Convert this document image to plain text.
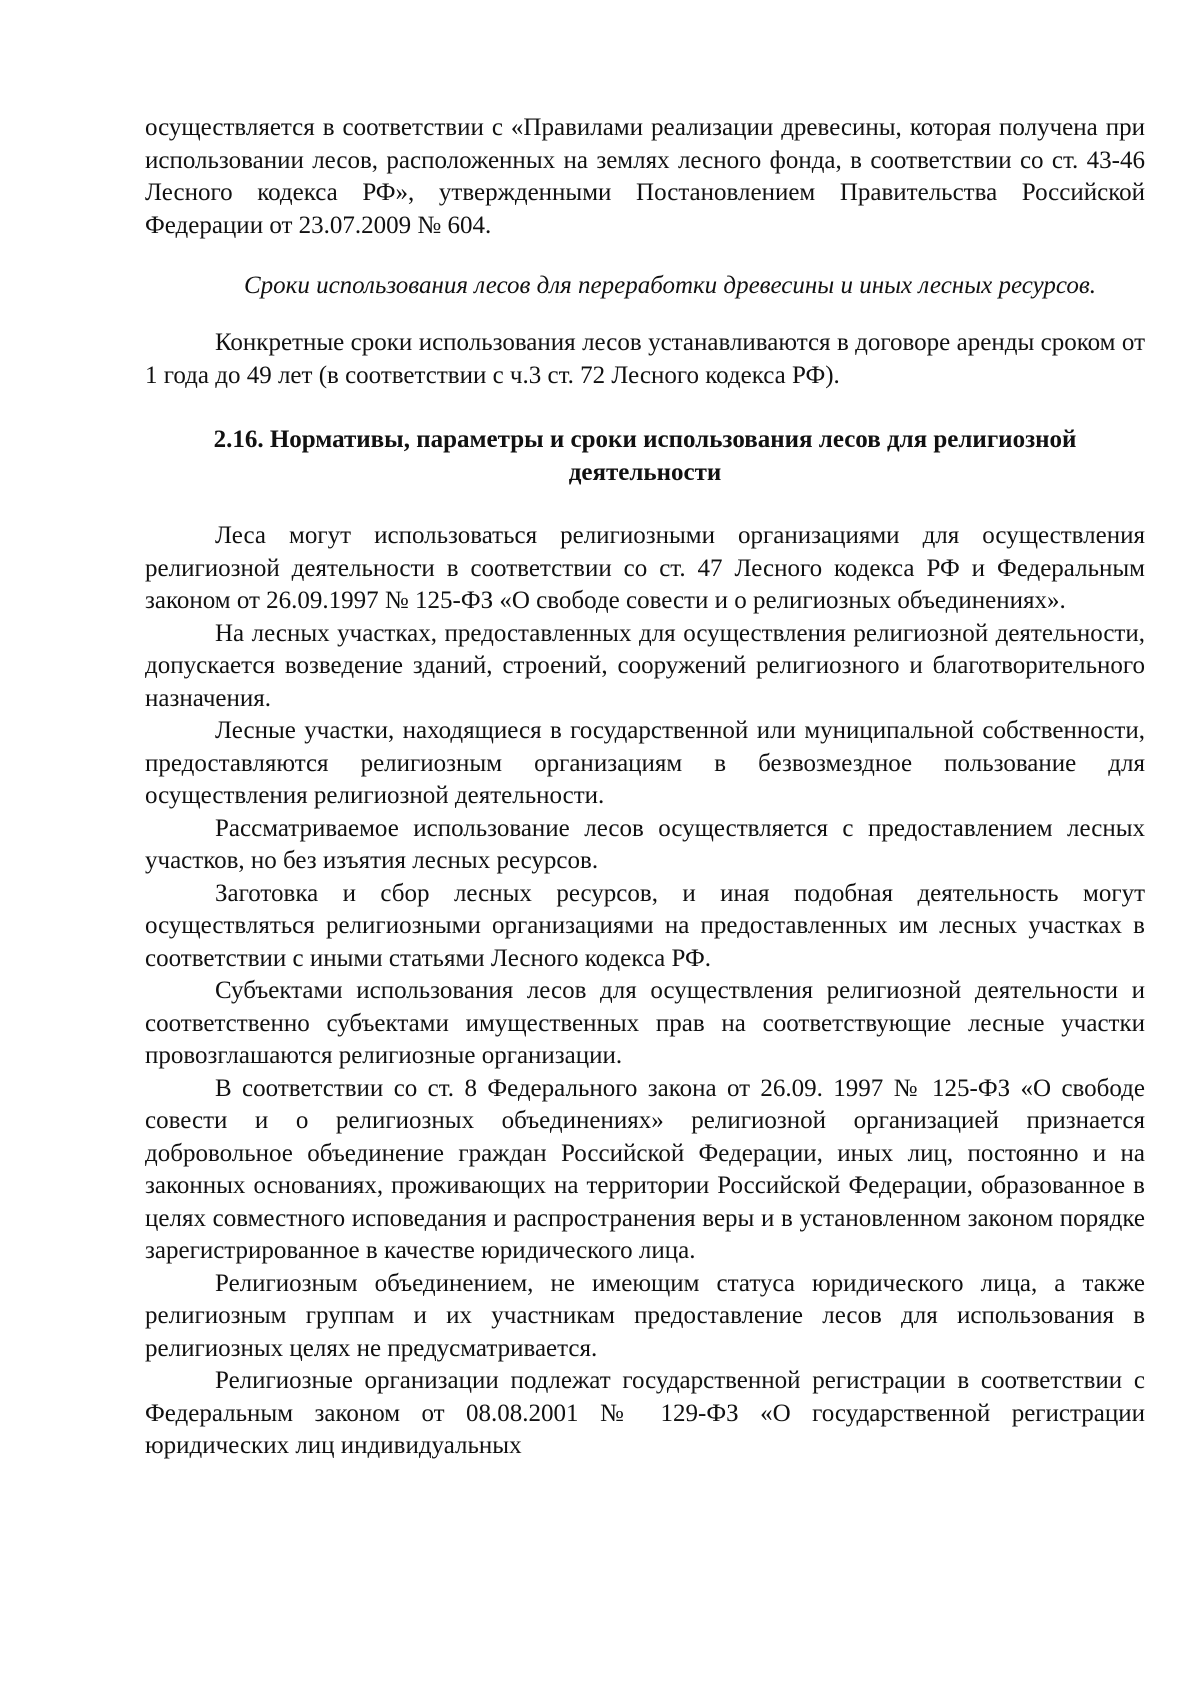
осуществляется в соответствии с «Правилами реализации древесины, которая получена при использовании лесов, расположенных на землях лесного фонда, в соответствии со ст. 43-46 Лесного кодекса РФ», утвержденными Постановлением Правительства Российской Федерации от 23.07.2009 № 604.

Сроки использования лесов для переработки древесины и иных лесных ресурсов.

Конкретные сроки использования лесов устанавливаются в договоре аренды сроком от 1 года до 49 лет (в соответствии с ч.3 ст. 72 Лесного кодекса РФ).

2.16. Нормативы, параметры и сроки использования лесов для религиозной деятельности

Леса могут использоваться религиозными организациями для осуществления религиозной деятельности в соответствии со ст. 47 Лесного кодекса РФ и Федеральным законом от 26.09.1997 № 125-ФЗ «О свободе совести и о религиозных объединениях».

На лесных участках, предоставленных для осуществления религиозной деятельности, допускается возведение зданий, строений, сооружений религиозного и благотворительного назначения.

Лесные участки, находящиеся в государственной или муниципальной собственности, предоставляются религиозным организациям в безвозмездное пользование для осуществления религиозной деятельности.

Рассматриваемое использование лесов осуществляется с предоставлением лесных участков, но без изъятия лесных ресурсов.

Заготовка и сбор лесных ресурсов, и иная подобная деятельность могут осуществляться религиозными организациями на предоставленных им лесных участках в соответствии с иными статьями Лесного кодекса РФ.

Субъектами использования лесов для осуществления религиозной деятельности и соответственно субъектами имущественных прав на соответствующие лесные участки провозглашаются религиозные организации.

В соответствии со ст. 8 Федерального закона от 26.09. 1997 № 125-ФЗ «О свободе совести и о религиозных объединениях» религиозной организацией признается добровольное объединение граждан Российской Федерации, иных лиц, постоянно и на законных основаниях, проживающих на территории Российской Федерации, образованное в целях совместного исповедания и распространения веры и в установленном законом порядке зарегистрированное в качестве юридического лица.

Религиозным объединением, не имеющим статуса юридического лица, а также религиозным группам и их участникам предоставление лесов для использования в религиозных целях не предусматривается.

Религиозные организации подлежат государственной регистрации в соответствии с Федеральным законом от 08.08.2001 № 129-ФЗ «О государственной регистрации юридических лиц индивидуальных
